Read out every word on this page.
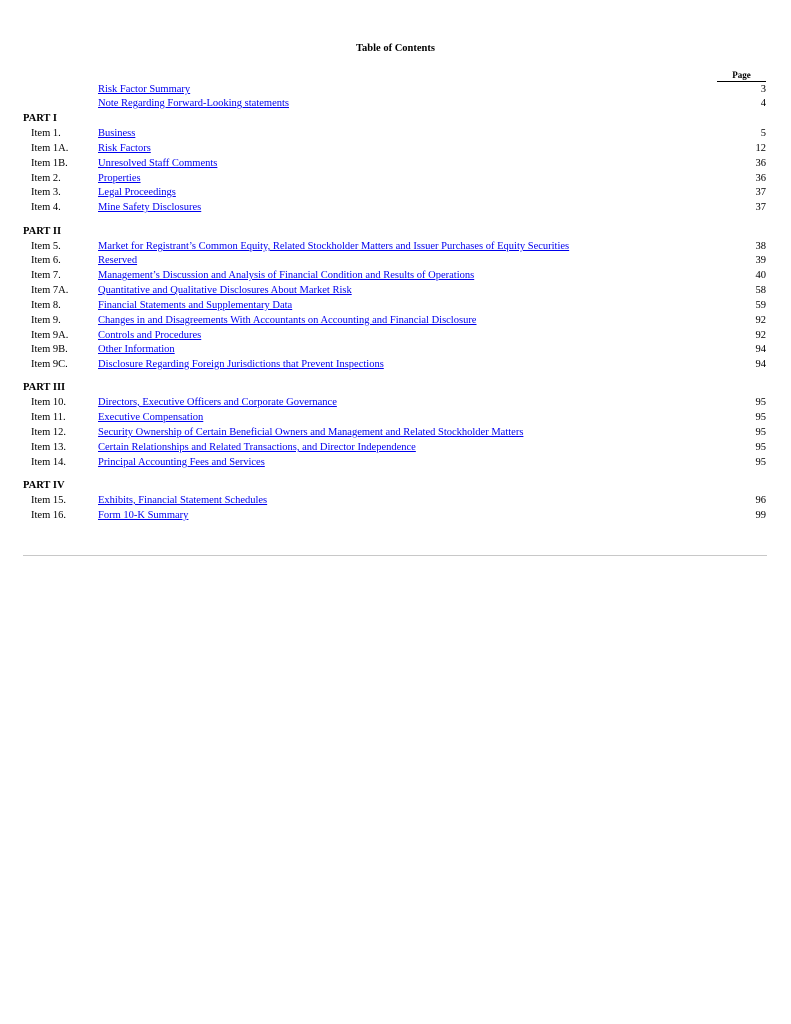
Table of Contents
Page
Risk Factor Summary	3
Note Regarding Forward-Looking statements	4
PART I
Item 1.	Business	5
Item 1A.	Risk Factors	12
Item 1B.	Unresolved Staff Comments	36
Item 2.	Properties	36
Item 3.	Legal Proceedings	37
Item 4.	Mine Safety Disclosures	37
PART II
Item 5.	Market for Registrant’s Common Equity, Related Stockholder Matters and Issuer Purchases of Equity Securities	38
Item 6.	Reserved	39
Item 7.	Management’s Discussion and Analysis of Financial Condition and Results of Operations	40
Item 7A.	Quantitative and Qualitative Disclosures About Market Risk	58
Item 8.	Financial Statements and Supplementary Data	59
Item 9.	Changes in and Disagreements With Accountants on Accounting and Financial Disclosure	92
Item 9A.	Controls and Procedures	92
Item 9B.	Other Information	94
Item 9C.	Disclosure Regarding Foreign Jurisdictions that Prevent Inspections	94
PART III
Item 10.	Directors, Executive Officers and Corporate Governance	95
Item 11.	Executive Compensation	95
Item 12.	Security Ownership of Certain Beneficial Owners and Management and Related Stockholder Matters	95
Item 13.	Certain Relationships and Related Transactions, and Director Independence	95
Item 14.	Principal Accounting Fees and Services	95
PART IV
Item 15.	Exhibits, Financial Statement Schedules	96
Item 16.	Form 10-K Summary	99
